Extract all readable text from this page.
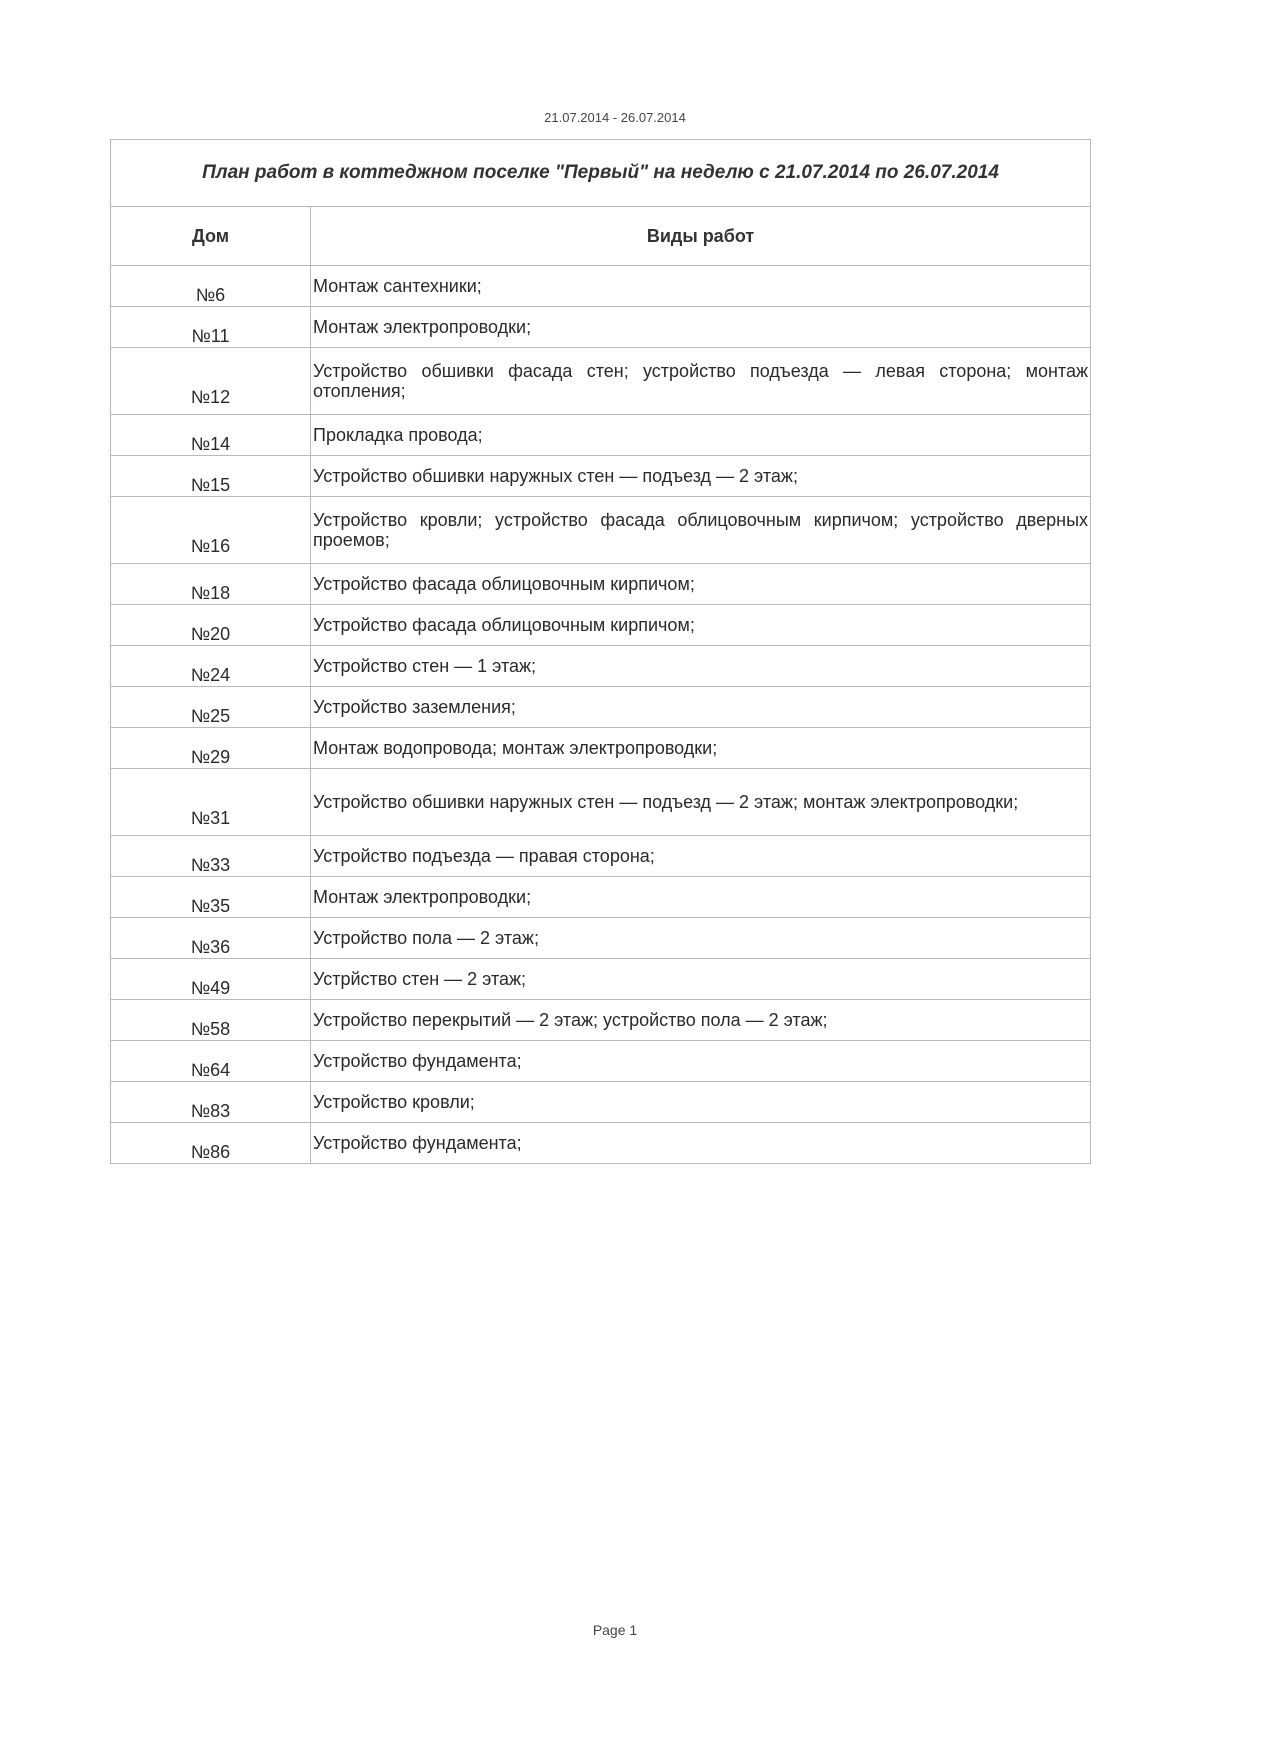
21.07.2014 - 26.07.2014
План работ в коттеджном поселке "Первый" на неделю с 21.07.2014 по 26.07.2014	
Дом	Виды работ
№6	Монтаж сантехники;
№11	Монтаж электропроводки;
№12	Устройство обшивки фасада стен; устройство подъезда — левая сторона; монтаж отопления;
№14	Прокладка провода;
№15	Устройство обшивки наружных стен — подъезд — 2 этаж;
№16	Устройство кровли; устройство фасада облицовочным кирпичом; устройство дверных проемов;
№18	Устройство фасада облицовочным кирпичом;
№20	Устройство фасада облицовочным кирпичом;
№24	Устройство стен — 1 этаж;
№25	Устройство заземления;
№29	Монтаж водопровода; монтаж электропроводки;
№31	Устройство обшивки наружных стен — подъезд — 2 этаж; монтаж электропроводки;
№33	Устройство подъезда — правая сторона;
№35	Монтаж электропроводки;
№36	Устройство пола — 2 этаж;
№49	Устрйство стен — 2 этаж;
№58	Устройство перекрытий — 2 этаж; устройство пола — 2 этаж;
№64	Устройство фундамента;
№83	Устройство кровли;
№86	Устройство фундамента;
Page 1
